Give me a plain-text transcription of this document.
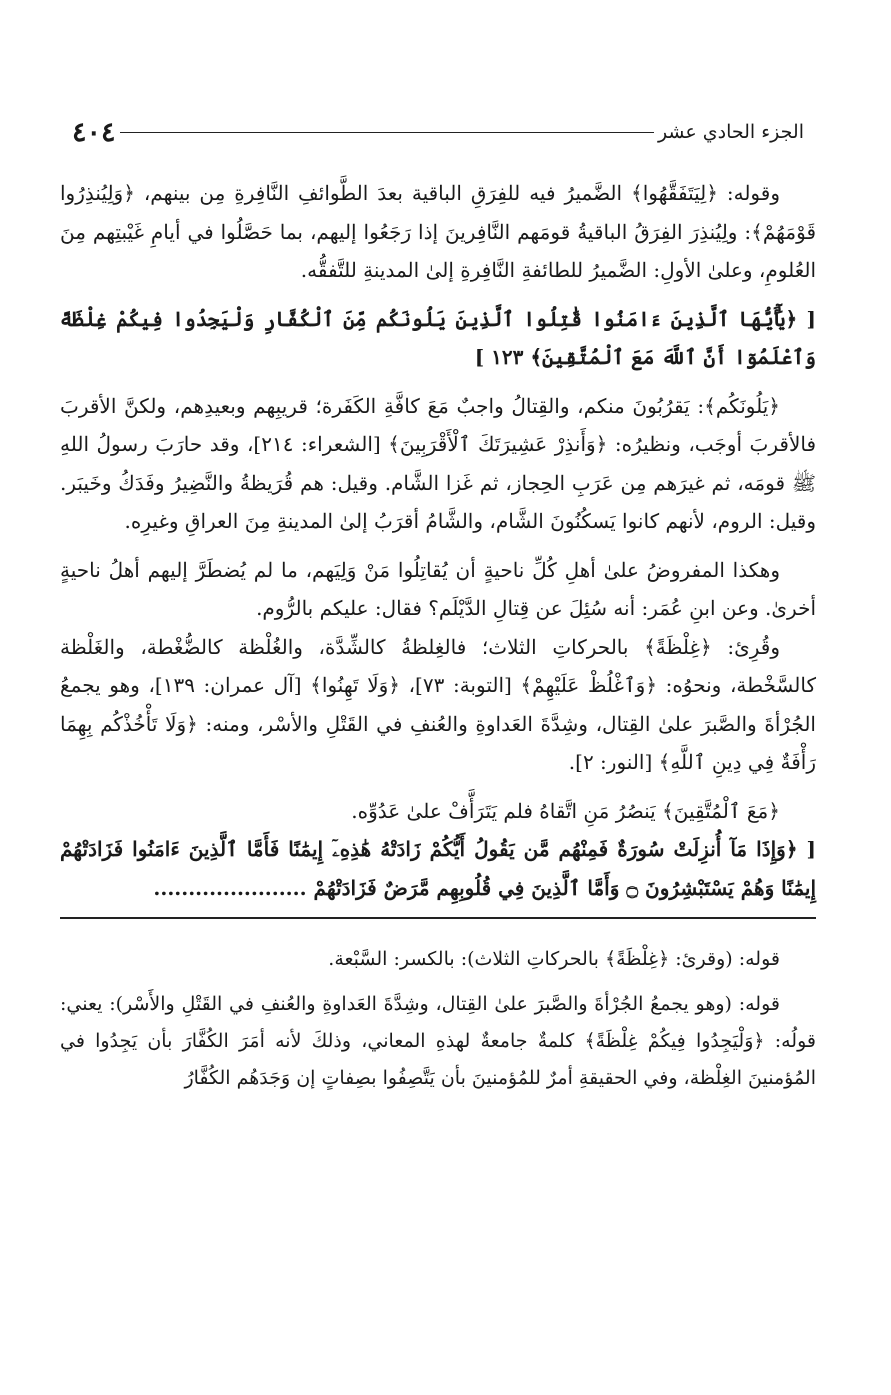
الجزء الحادي عشر
٤٠٤

وقوله: ﴿لِيَتَفَقَّهُوا﴾ الضَّميرُ فيه للفِرَقِ الباقية بعدَ الطَّوائفِ النَّافِرةِ مِن بينهم، ﴿وَلِيُنذِرُوا قَوْمَهُمْ﴾: ولِيُنذِرَ الفِرَقُ الباقيةُ قومَهم النَّافِرينَ إذا رَجَعُوا إليهم، بما حَصَّلُوا في أيامِ غَيْبتِهم مِنَ العُلومِ، وعلىٰ الأولِ: الضَّميرُ للطائفةِ النَّافِرةِ إلىٰ المدينةِ للتَّفقُّه.

[ ﴿يَٰٓأَيُّهَا ٱلَّذِينَ ءَامَنُوا قَٰتِلُوا ٱلَّذِينَ يَلُونَكُم مِّنَ ٱلْكُفَّارِ وَلْيَجِدُوا فِيكُمْ غِلْظَةً وَٱعْلَمُوٓا أَنَّ ٱللَّهَ مَعَ ٱلْمُتَّقِينَ﴾ ١٢٣ ]

﴿يَلُونَكُم﴾: يَقرُبُونَ منكم، والقِتالُ واجبٌ مَعَ كافَّةِ الكَفَرة؛ قريبِهم وبعيدِهم، ولكنَّ الأقربَ فالأقربَ أوجَب، ونظيرُه: ﴿وَأَنذِرْ عَشِيرَتَكَ ٱلْأَقْرَبِينَ﴾ [الشعراء: ٢١٤]، وقد حارَبَ رسولُ اللهِ ﷺ قومَه، ثم غيرَهم مِن عَرَبِ الحِجاز، ثم غَزا الشَّام. وقيل: هم قُرَيظةُ والنَّضِيرُ وفَدَكُ وخَيبَر. وقيل: الروم، لأنهم كانوا يَسكُنُونَ الشَّام، والشَّامُ أقرَبُ إلىٰ المدينةِ مِنَ العراقِ وغيرِه.

وهكذا المفروضُ علىٰ أهلِ كُلِّ ناحيةٍ أن يُقاتِلُوا مَنْ وَلِيَهم، ما لم يُضطَرَّ إليهم أهلُ ناحيةٍ أخرىٰ. وعن ابنِ عُمَر: أنه سُئِلَ عن قِتالِ الدَّيْلَم؟ فقال: عليكم بالرُّوم.

وقُرِئ: ﴿غِلْظَةً﴾ بالحركاتِ الثلاث؛ فالغِلظةُ كالشِّدَّة، والغُلْظة كالضُّغْطة، والغَلْظة كالسَّخْطة، ونحوُه: ﴿وَٱغْلُظْ عَلَيْهِمْ﴾ [التوبة: ٧٣]، ﴿وَلَا تَهِنُوا﴾ [آل عمران: ١٣٩]، وهو يجمعُ الجُرْأةَ والصَّبرَ علىٰ القِتال، وشِدَّةَ العَداوةِ والعُنفِ في القَتْلِ والأسْر، ومنه: ﴿وَلَا تَأْخُذْكُم بِهِمَا رَأْفَةٌ فِي دِينِ ٱللَّهِ﴾ [النور: ٢].

﴿مَعَ ٱلْمُتَّقِينَ﴾ يَنصُرُ مَنِ اتَّقاهُ فلم يَتَرَأَّفْ علىٰ عَدُوِّه.

[ ﴿وَإِذَا مَآ أُنزِلَتْ سُورَةٌ فَمِنْهُم مَّن يَقُولُ أَيُّكُمْ زَادَتْهُ هَٰذِهِۦٓ إِيمَٰنًا فَأَمَّا ٱلَّذِينَ ءَامَنُوا فَزَادَتْهُمْ إِيمَٰنًا وَهُمْ يَسْتَبْشِرُونَ ۝ وَأَمَّا ٱلَّذِينَ فِي قُلُوبِهِم مَّرَضٌ فَزَادَتْهُمْ ......................

قوله: (وقرئ: ﴿غِلْظَةً﴾ بالحركاتِ الثلاث): بالكسر: السَّبْعة.

قوله: (وهو يجمعُ الجُرْأةَ والصَّبرَ علىٰ القِتال، وشِدَّةَ العَداوةِ والعُنفِ في القَتْلِ والأَسْر): يعني: قولُه: ﴿وَلْيَجِدُوا فِيكُمْ غِلْظَةً﴾ كلمةٌ جامعةٌ لهذهِ المعاني، وذلكَ لأنه أمَرَ الكُفَّارَ بأن يَجِدُوا في المُؤمنينَ الغِلْظة، وفي الحقيقةِ أمرٌ للمُؤمنينَ بأن يَتَّصِفُوا بصِفاتٍ إن وَجَدَهُم الكُفَّارُ
